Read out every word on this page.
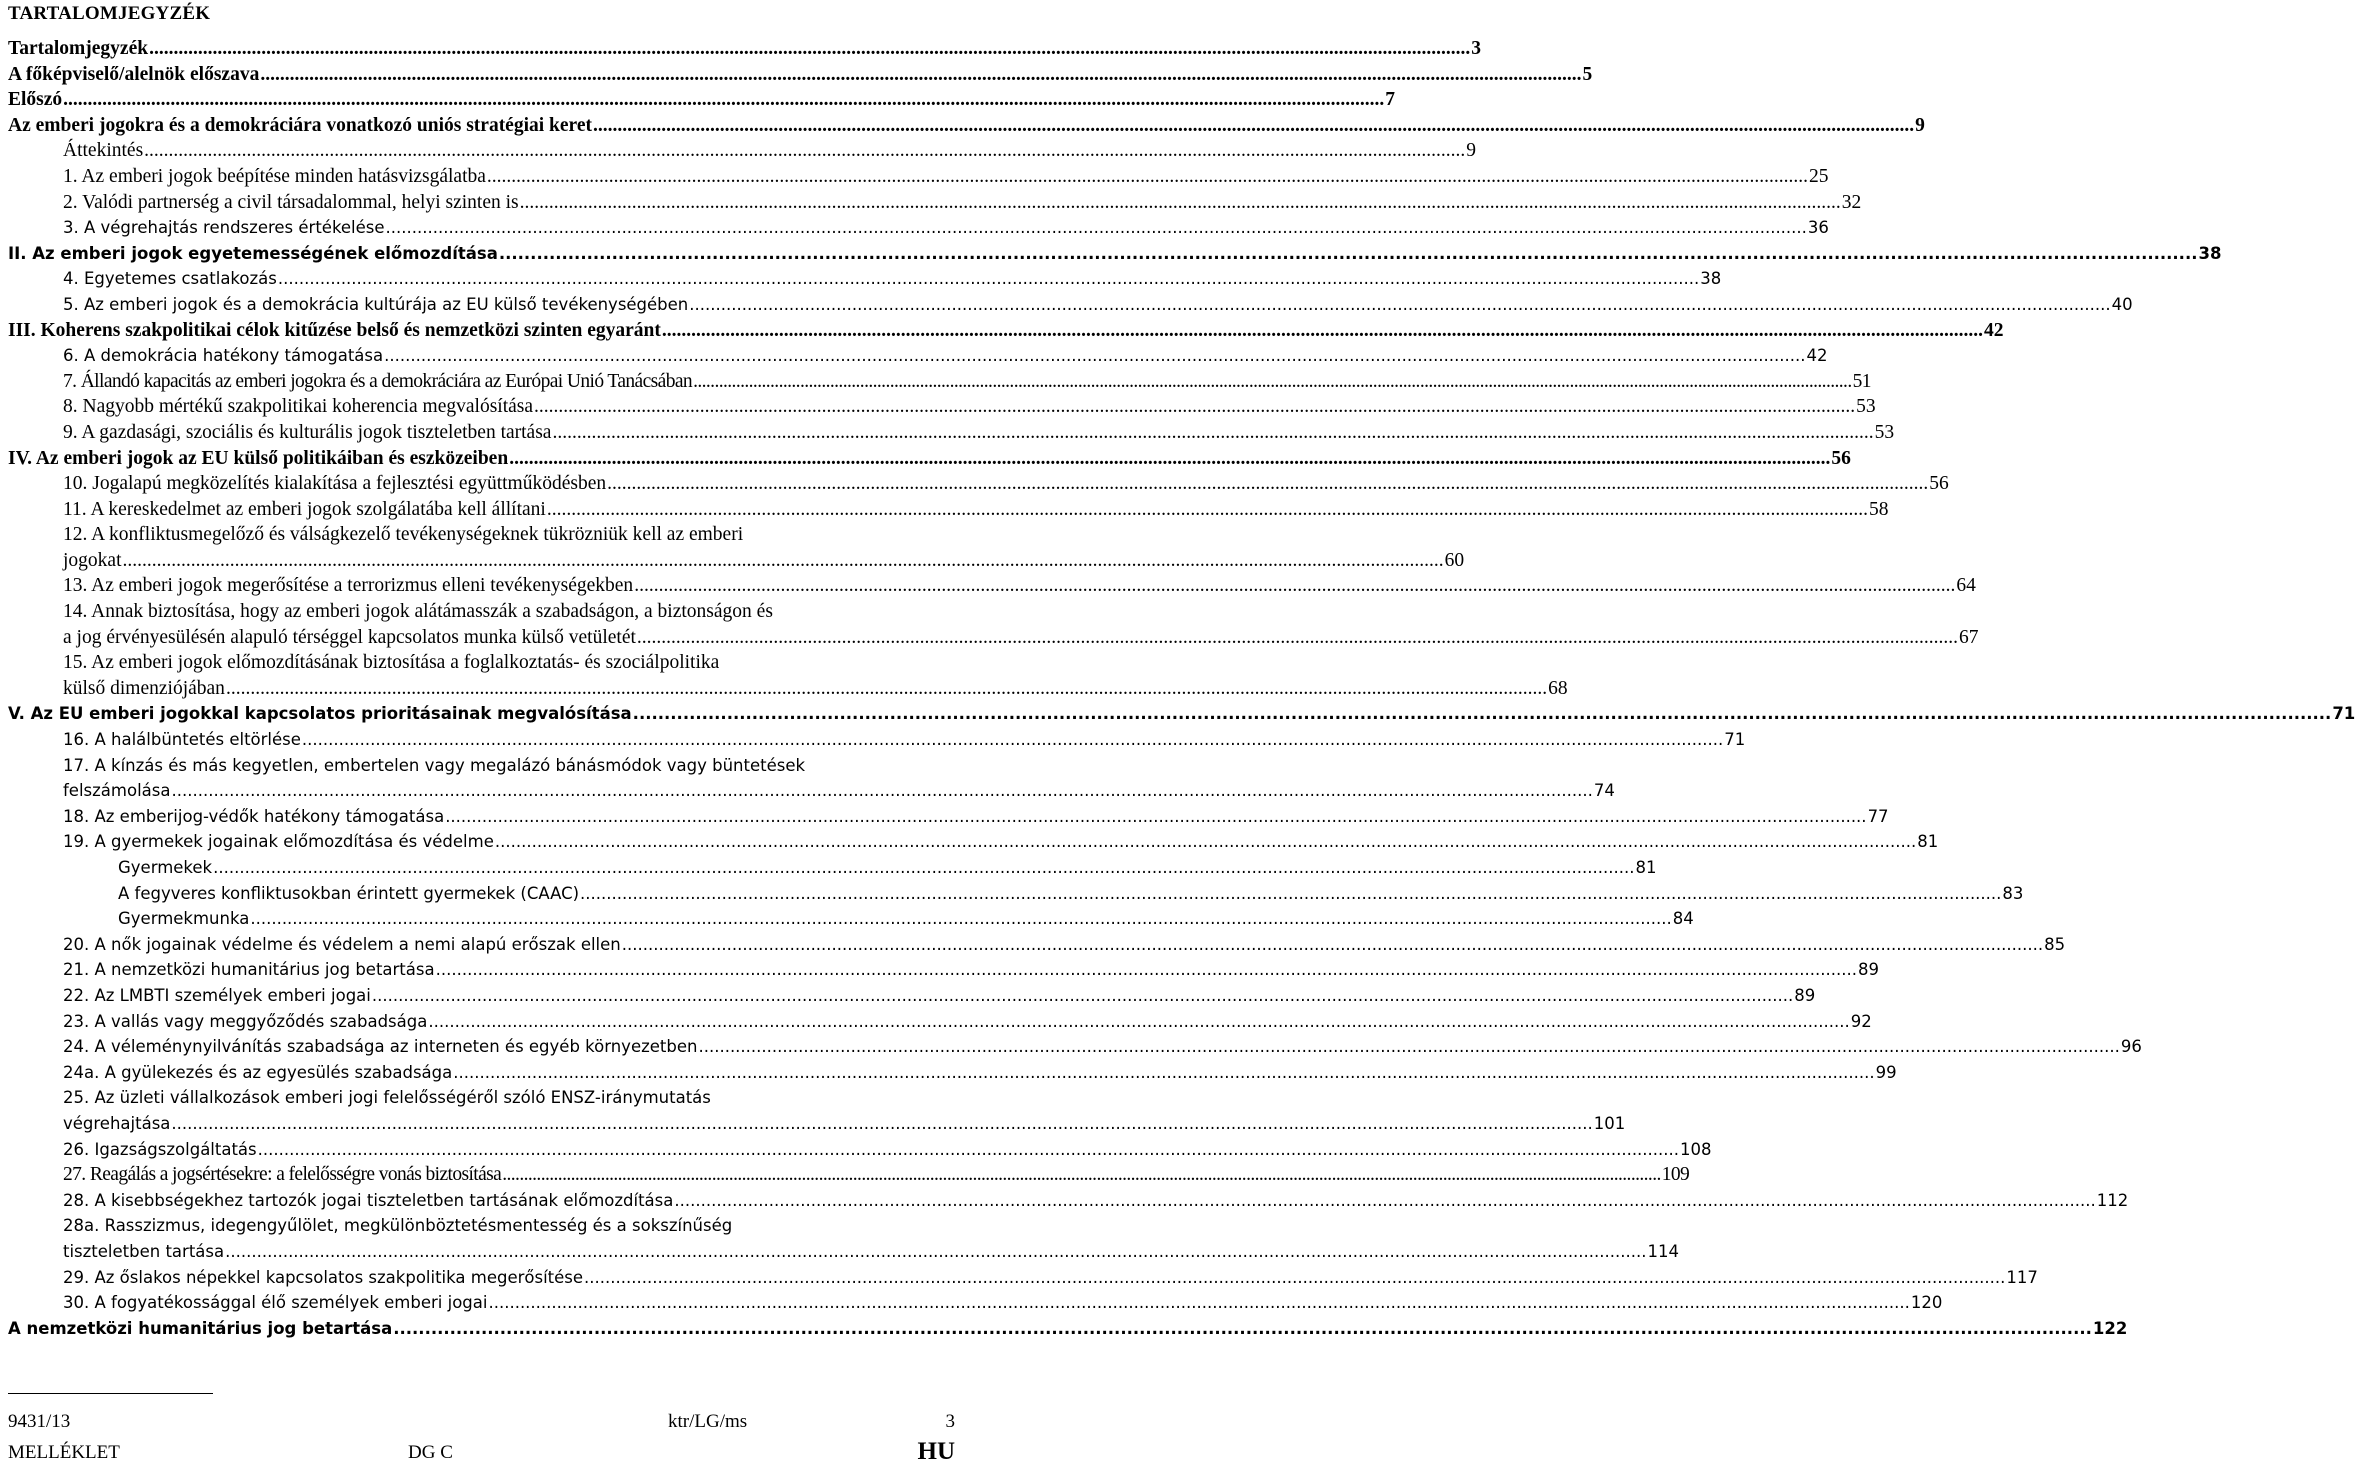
TARTALOMJEGYZÉK
Tartalomjegyzék .....	3
A főképviselő/alelnök előszava .....	5
Előszó .....	7
Az emberi jogokra és a demokráciára vonatkozó uniós stratégiai keret .....	9
Áttekintés .....	9
1. Az emberi jogok beépítése minden hatásvizsgálatba .....	25
2. Valódi partnerség a civil társadalommal, helyi szinten is .....	32
3. A végrehajtás rendszeres értékelése .....	36
II. Az emberi jogok egyetemességének előmozdítása .....	38
4. Egyetemes csatlakozás .....	38
5. Az emberi jogok és a demokrácia kultúrája az EU külső tevékenységében .....	40
III. Koherens szakpolitikai célok kitűzése belső és nemzetközi szinten egyaránt .....	42
6. A demokrácia hatékony támogatása .....	42
7. Állandó kapacitás az emberi jogokra és a demokráciára az Európai Unió Tanácsában .....	51
8. Nagyobb mértékű szakpolitikai koherencia megvalósítása .....	53
9. A gazdasági, szociális és kulturális jogok tiszteletben tartása .....	53
IV. Az emberi jogok az EU külső politikáiban és eszközeiben .....	56
10. Jogalapú megközelítés kialakítása a fejlesztési együttműködésben .....	56
11. A kereskedelmet az emberi jogok szolgálatába kell állítani .....	58
12. A konfliktusmegelőző és válságkezelő tevékenységeknek tükrözniük kell az emberi
jogokat .....	60
13. Az emberi jogok megerősítése a terrorizmus elleni tevékenységekben .....	64
14. Annak biztosítása, hogy az emberi jogok alátámasszák a szabadságon, a biztonságon és
a jog érvényesülésén alapuló térséggel kapcsolatos munka külső vetületét .....	67
15. Az emberi jogok előmozdításának biztosítása a foglalkoztatás- és szociálpolitika
külső dimenziójában .....	68
V. Az EU emberi jogokkal kapcsolatos prioritásainak megvalósítása .....	71
16. A halálbüntetés eltörlése .....	71
17. A kínzás és más kegyetlen, embertelen vagy megalázó bánásmódok vagy büntetések
felszámolása .....	74
18. Az emberijog-védők hatékony támogatása .....	77
19. A gyermekek jogainak előmozdítása és védelme .....	81
Gyermekek .....	81
A fegyveres konfliktusokban érintett gyermekek (CAAC) .....	83
Gyermekmunka .....	84
20. A nők jogainak védelme és védelem a nemi alapú erőszak ellen .....	85
21. A nemzetközi humanitárius jog betartása .....	89
22. Az LMBTI személyek emberi jogai .....	89
23. A vallás vagy meggyőződés szabadsága .....	92
24. A véleménynyilvánítás szabadsága az interneten és egyéb környezetben .....	96
24a. A gyülekezés és az egyesülés szabadsága .....	99
25. Az üzleti vállalkozások emberi jogi felelősségéről szóló ENSZ-iránymutatás
végrehajtása .....	101
26. Igazságszolgáltatás .....	108
27. Reagálás a jogsértésekre: a felelősségre vonás biztosítása .....	109
28. A kisebbségekhez tartozók jogai tiszteletben tartásának előmozdítása .....	112
28a. Rasszizmus, idegengyűlölet, megkülönböztetésmentesség és a sokszínűség
tiszteletben tartása .....	114
29. Az őslakos népekkel kapcsolatos szakpolitika megerősítése .....	117
30. A fogyatékossággal élő személyek emberi jogai .....	120
A nemzetközi humanitárius jog betartása .....	122
9431/13	ktr/LG/ms	3
MELLÉKLET	DG C	HU
